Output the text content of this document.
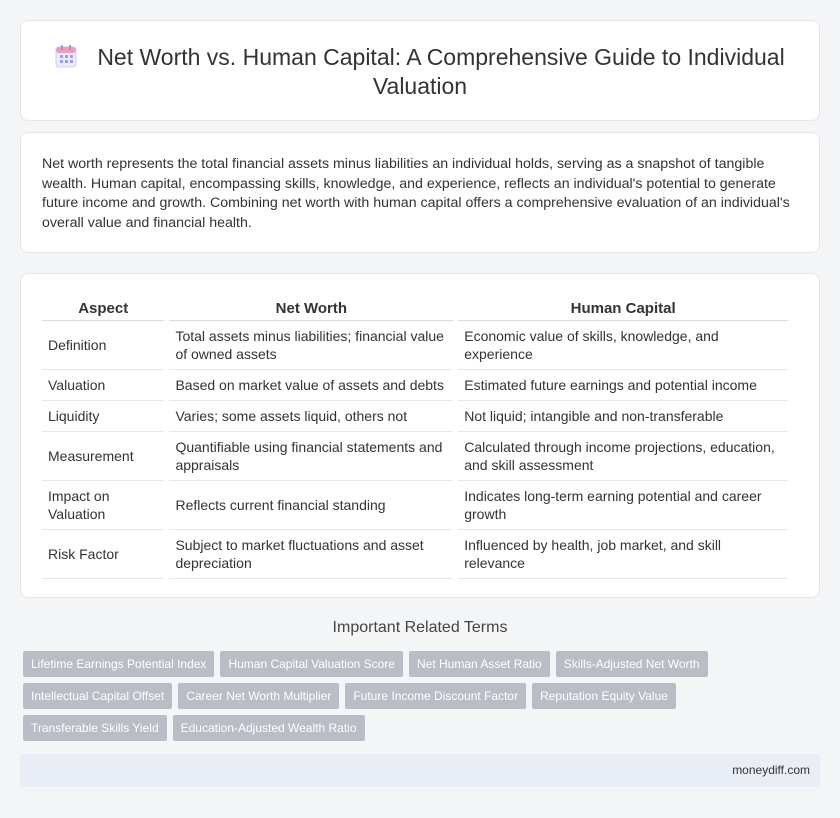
Net Worth vs. Human Capital: A Comprehensive Guide to Individual Valuation

Net worth represents the total financial assets minus liabilities an individual holds, serving as a snapshot of tangible wealth. Human capital, encompassing skills, knowledge, and experience, reflects an individual's potential to generate future income and growth. Combining net worth with human capital offers a comprehensive evaluation of an individual's overall value and financial health.

Aspect	Net Worth	Human Capital
Definition	Total assets minus liabilities; financial value of owned assets	Economic value of skills, knowledge, and experience
Valuation	Based on market value of assets and debts	Estimated future earnings and potential income
Liquidity	Varies; some assets liquid, others not	Not liquid; intangible and non-transferable
Measurement	Quantifiable using financial statements and appraisals	Calculated through income projections, education, and skill assessment
Impact on Valuation	Reflects current financial standing	Indicates long-term earning potential and career growth
Risk Factor	Subject to market fluctuations and asset depreciation	Influenced by health, job market, and skill relevance
Important Related Terms
Lifetime Earnings Potential Index	Human Capital Valuation Score	Net Human Asset Ratio	Skills-Adjusted Net Worth
Intellectual Capital Offset	Career Net Worth Multiplier	Future Income Discount Factor	Reputation Equity Value
Transferable Skills Yield	Education-Adjusted Wealth Ratio
moneydiff.com
